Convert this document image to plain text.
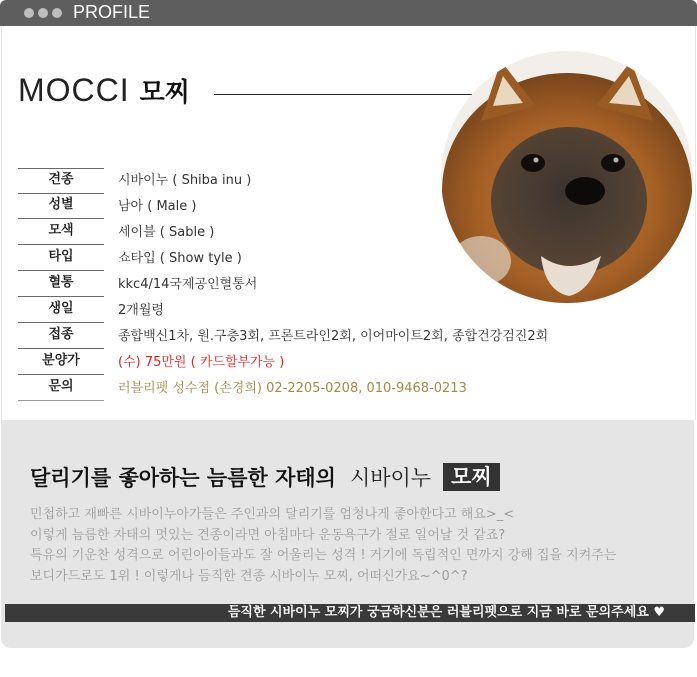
PROFILE
MOCCI 모찌
견종	시바이누 ( Shiba inu )
성별	남아 ( Male )
모색	세이블 ( Sable )
타입	쇼타입 ( Show tyle )
혈통	kkc4/14국제공인혈통서
생일	2개월령
접종	종합백신1차, 원.구충3회, 프론트라인2회, 이어마이트2회, 종합건강검진2회
분양가	(수) 75만원 ( 카드할부가능 )
문의	러블리펫 성수점 (손경희) 02-2205-0208, 010-9468-0213
달리기를 좋아하는 늠름한 자태의 시바이누 모찌
민첩하고 재빠른 시바이누아가들은 주인과의 달리기를 엄청나게 좋아한다고 해요>_<
이렇게 늠름한 자태의 멋있는 견종이라면 아침마다 운동욕구가 절로 일어날 것 같죠?
특유의 기운찬 성격으로 어린아이들과도 잘 어울리는 성격 ! 거기에 독립적인 면까지 강해 집을 지켜주는
보디가드로도 1위 ! 이렇게나 듬직한 견종 시바이누 모찌, 어떠신가요~^0^?
듬직한 시바이누 모찌가 궁금하신분은 러블리펫으로 지금 바로 문의주세요 ♥
